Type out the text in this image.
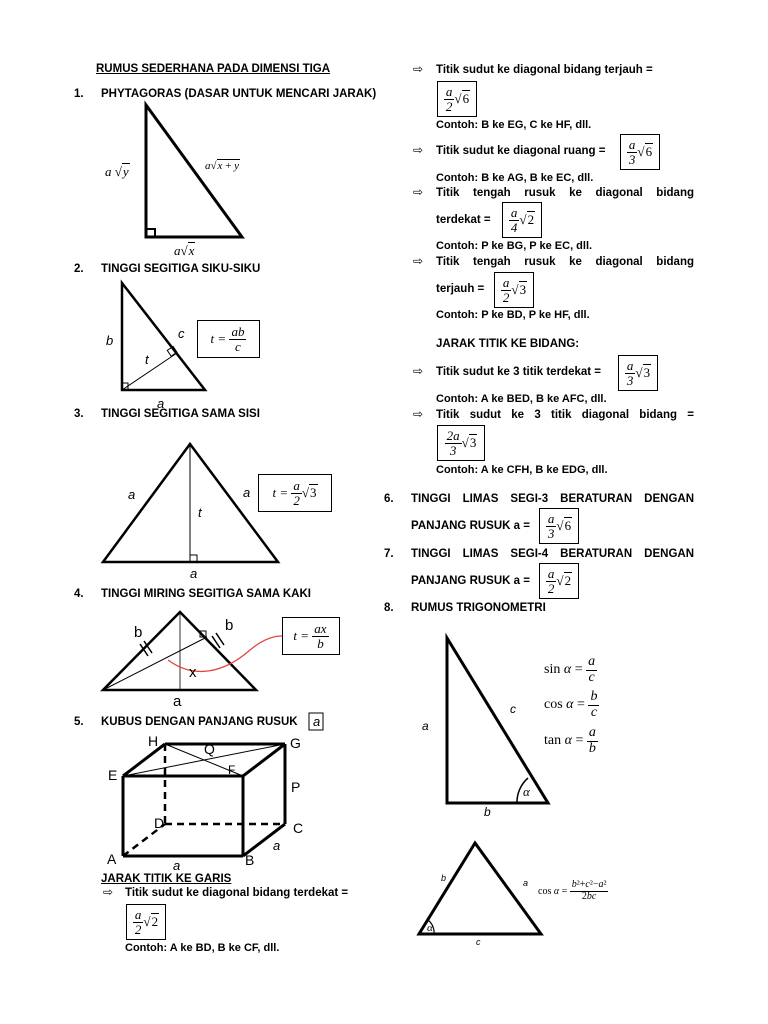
RUMUS SEDERHANA PADA DIMENSI TIGA
1. PHYTAGORAS (DASAR UNTUK MENCARI JARAK)
a √y	a√x + y
a√x
2. TINGGI SEGITIGA SIKU-SIKU
b	c
t
a
t =
$\frac{ab}{c}$
3. TINGGI SEGITIGA SAMA SISI
a	a
t
a
t =
$\frac{a}{2} √3$
4. TINGGI MIRING SEGITIGA SAMA KAKI
b	b
x
a
t =
$\frac{ax}{b}$
5. KUBUS DENGAN PANJANG RUSUK a
H	G
E	F
Q
P
D	C
A	B
a
a
JARAK TITIK KE GARIS
⇨ Titik sudut ke diagonal bidang terdekat =
$\frac{a}{2} √2$
Contoh: A ke BD, B ke CF, dll.
⇨ Titik sudut ke diagonal bidang terjauh =
$\frac{a}{2} √6$
Contoh: B ke EG, C ke HF, dll.
⇨ Titik sudut ke diagonal ruang = $\frac{a}{3} √6$
Contoh: B ke AG, B ke EC, dll.
⇨ Titik tengah rusuk ke diagonal bidang
terdekat = $\frac{a}{4} √2$
Contoh: P ke BG, P ke EC, dll.
⇨ Titik tengah rusuk ke diagonal bidang
terjauh = $\frac{a}{2} √3$
Contoh: P ke BD, P ke HF, dll.
JARAK TITIK KE BIDANG:
⇨ Titik sudut ke 3 titik terdekat = $\frac{a}{3} √3$
Contoh: A ke BED, B ke AFC, dll.
⇨ Titik sudut ke 3 titik diagonal bidang =
$\frac{2a}{3} √3$
Contoh: A ke CFH, B ke EDG, dll.
6. TINGGI LIMAS SEGI-3 BERATURAN DENGAN
PANJANG RUSUK $a = \frac{a}{3} √6$
7. TINGGI LIMAS SEGI-4 BERATURAN DENGAN
PANJANG RUSUK $a = \frac{a}{2} √2$
8. RUMUS TRIGONOMETRI
a
c
b
α
sin
$\alpha = \frac{a}{c}$
cos
$\alpha = \frac{b}{c}$
tan
$\alpha = \frac{a}{b}$
b	a
c
α
cos
$\alpha = \frac{\text{b²+c²−a²}}{2bc}$
